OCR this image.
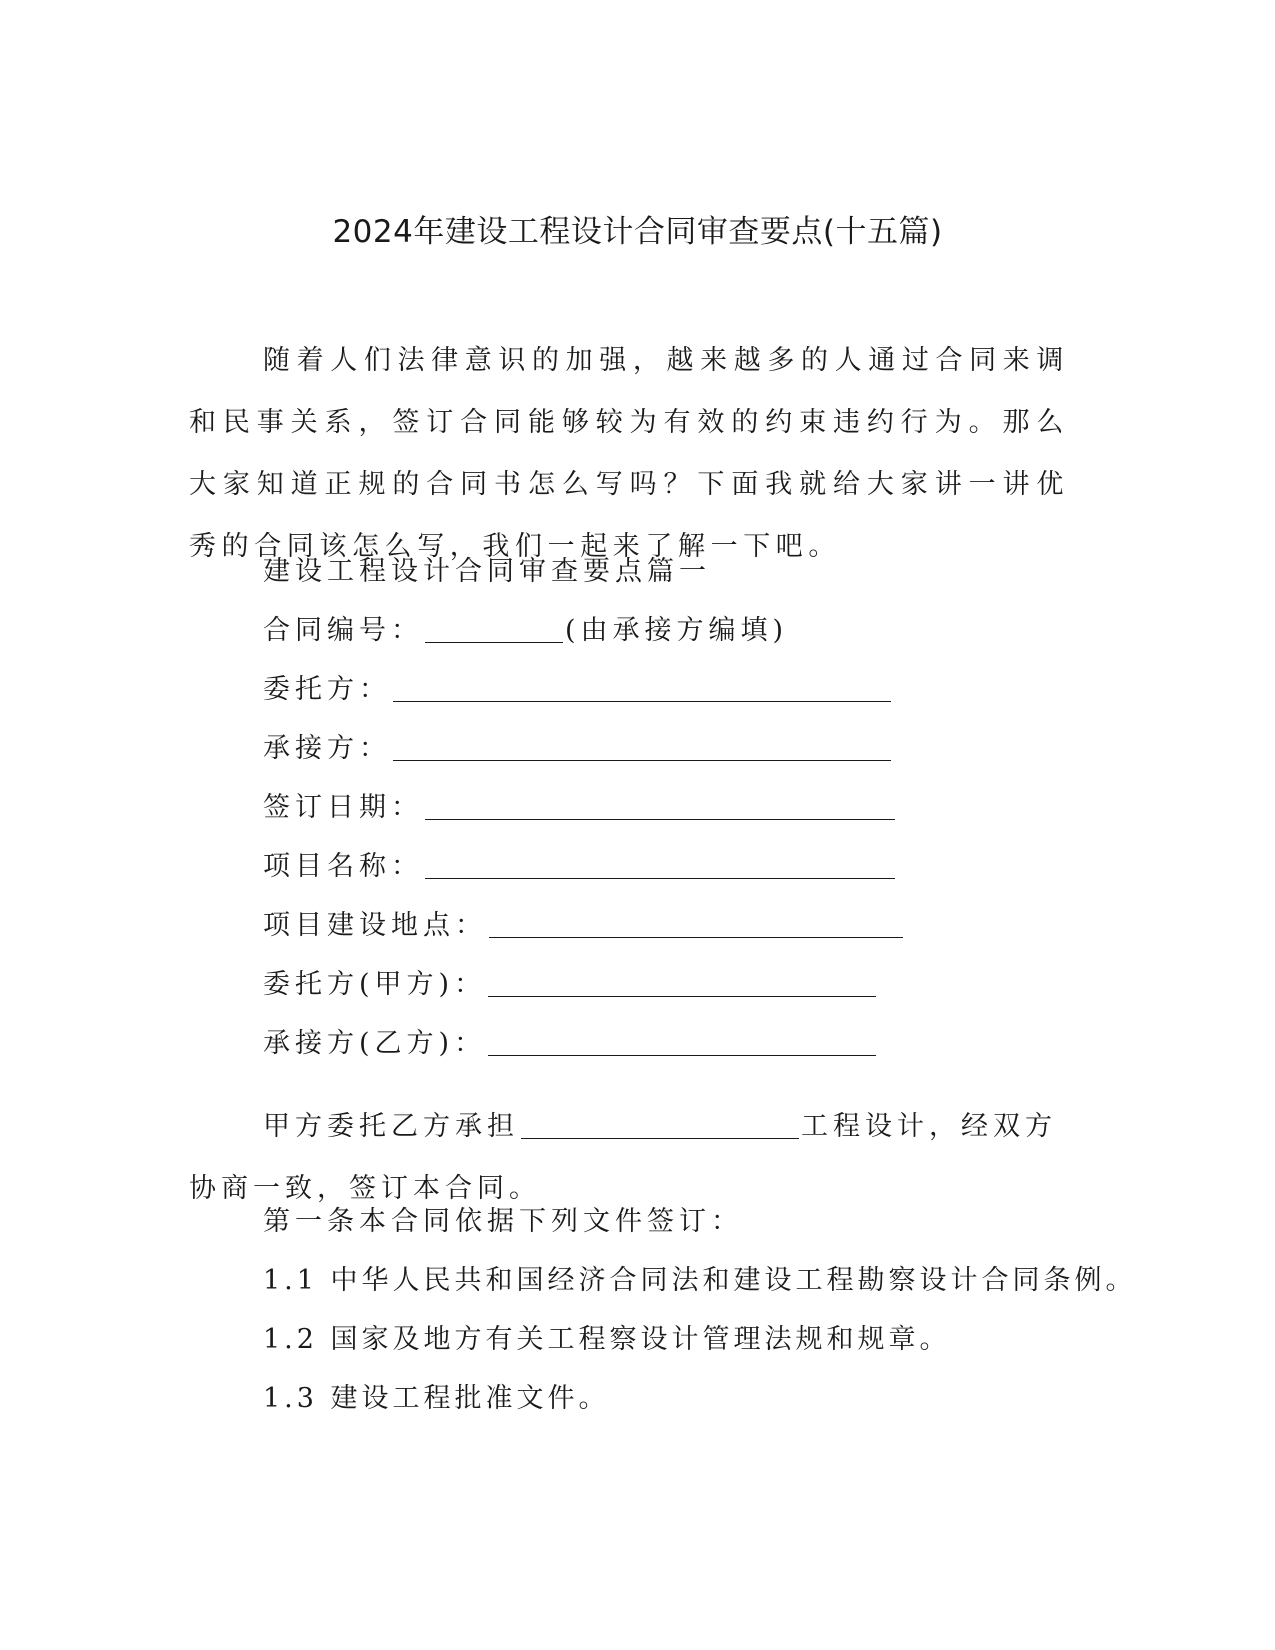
2024年建设工程设计合同审查要点(十五篇)

随着人们法律意识的加强，越来越多的人通过合同来调和民事关系，签订合同能够较为有效的约束违约行为。那么大家知道正规的合同书怎么写吗？下面我就给大家讲一讲优秀的合同该怎么写，我们一起来了解一下吧。

建设工程设计合同审查要点篇一
合同编号：	(由承接方编填)
委托方：
承接方：
签订日期：
项目名称：
项目建设地点：
委托方(甲方)：
承接方(乙方)：

甲方委托乙方承担	工程设计，经双方协商一致，签订本合同。

第一条本合同依据下列文件签订：
1.1 中华人民共和国经济合同法和建设工程勘察设计合同条例。
1.2 国家及地方有关工程察设计管理法规和规章。
1.3 建设工程批准文件。
